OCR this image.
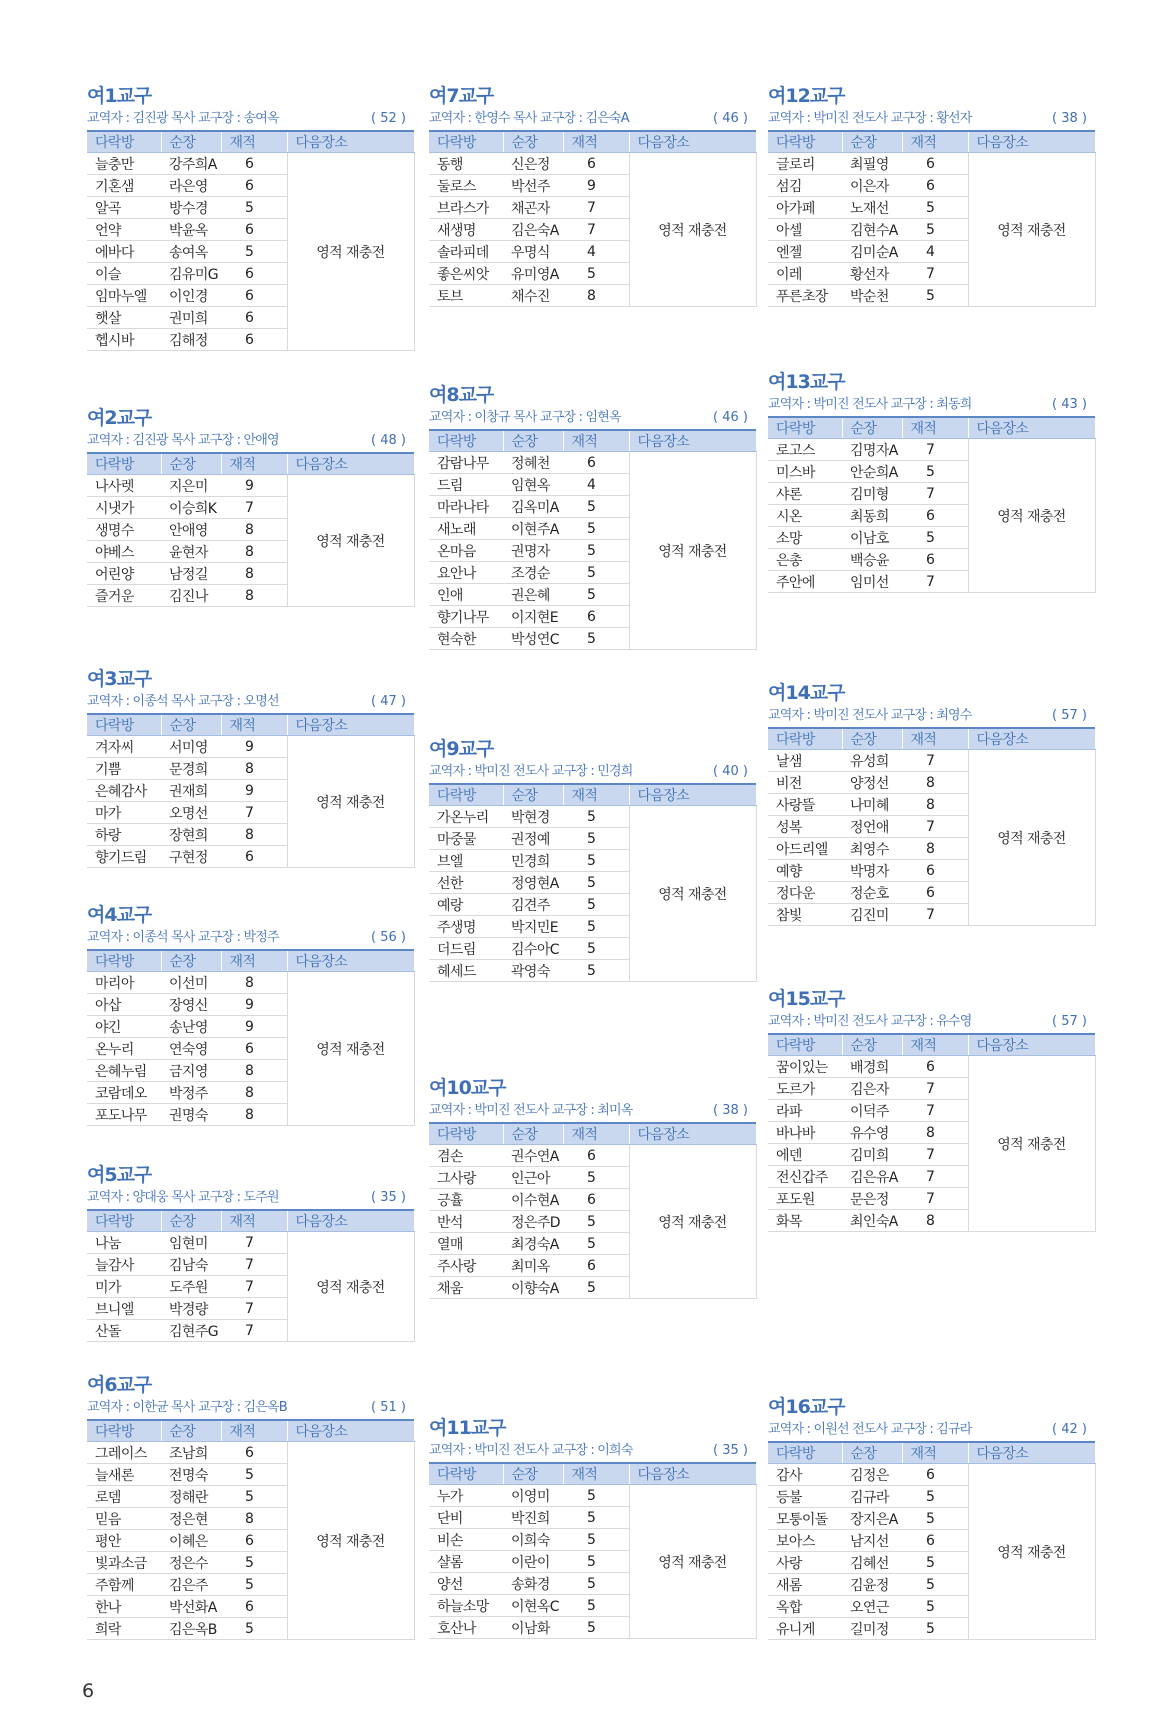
여1교구
교역자 : 김진광 목사 교구장 : 송여옥	( 52 )
다락방	순장	재적	다음장소
늘충만	강주희A	6	영적 재충전
기혼샘	라은영	6	
알곡	방수경	5	
언약	박윤옥	6	
에바다	송여옥	5	
이슬	김유미G	6	
임마누엘	이인경	6	
햇살	권미희	6	
헵시바	김해정	6	
여2교구
교역자 : 김진광 목사 교구장 : 안애영	( 48 )
다락방	순장	재적	다음장소
나사렛	지은미	9	영적 재충전
시냇가	이승희K	7	
생명수	안애영	8	
야베스	윤현자	8	
어린양	남정길	8	
즐거운	김진나	8	
여3교구
교역자 : 이종석 목사 교구장 : 오명선	( 47 )
다락방	순장	재적	다음장소
겨자씨	서미영	9	영적 재충전
기쁨	문경희	8	
은혜감사	권재희	9	
마가	오명선	7	
하랑	장현희	8	
향기드림	구현정	6	
여4교구
교역자 : 이종석 목사 교구장 : 박정주	( 56 )
다락방	순장	재적	다음장소
마리아	이선미	8	영적 재충전
아삽	장영신	9	
야긴	송난영	9	
온누리	연숙영	6	
은혜누림	금지영	8	
코람데오	박정주	8	
포도나무	권명숙	8	
여5교구
교역자 : 양대웅 목사 교구장 : 도주원	( 35 )
다락방	순장	재적	다음장소
나눔	임현미	7	영적 재충전
늘감사	김남숙	7	
미가	도주원	7	
브니엘	박경량	7	
산돌	김현주G	7	
여6교구
교역자 : 이한균 목사 교구장 : 김은옥B	( 51 )
다락방	순장	재적	다음장소
그레이스	조남희	6	영적 재충전
늘새론	전명숙	5	
로뎀	정해란	5	
믿음	정은현	8	
평안	이혜은	6	
빛과소금	정은수	5	
주함께	김은주	5	
한나	박선화A	6	
희락	김은옥B	5	
여7교구
교역자 : 한영수 목사 교구장 : 김은숙A	( 46 )
다락방	순장	재적	다음장소
동행	신은정	6	영적 재충전
둘로스	박선주	9	
브라스가	채곤자	7	
새생명	김은숙A	7	
솔라피데	우명식	4	
좋은씨앗	유미영A	5	
토브	채수진	8	
여8교구
교역자 : 이창규 목사 교구장 : 임현옥	( 46 )
다락방	순장	재적	다음장소
감람나무	정혜천	6	영적 재충전
드림	임현옥	4	
마라나타	김옥미A	5	
새노래	이현주A	5	
온마음	권명자	5	
요안나	조경순	5	
인애	권은혜	5	
향기나무	이지현E	6	
현숙한	박성연C	5	
여9교구
교역자 : 박미진 전도사 교구장 : 민경희	( 40 )
다락방	순장	재적	다음장소
가온누리	박현경	5	영적 재충전
마중물	권정예	5	
브엘	민경희	5	
선한	정영현A	5	
예랑	김견주	5	
주생명	박지민E	5	
더드림	김수아C	5	
헤세드	곽영숙	5	
여10교구
교역자 : 박미진 전도사 교구장 : 최미옥	( 38 )
다락방	순장	재적	다음장소
겸손	권수연A	6	영적 재충전
그사랑	인근아	5	
긍휼	이수현A	6	
반석	정은주D	5	
열매	최경숙A	5	
주사랑	최미옥	6	
채움	이향숙A	5	
여11교구
교역자 : 박미진 전도사 교구장 : 이희숙	( 35 )
다락방	순장	재적	다음장소
누가	이영미	5	영적 재충전
단비	박진희	5	
비손	이희숙	5	
샬롬	이란이	5	
양선	송화경	5	
하늘소망	이현옥C	5	
호산나	이남화	5	
여12교구
교역자 : 박미진 전도사 교구장 : 황선자	( 38 )
다락방	순장	재적	다음장소
글로리	최필영	6	영적 재충전
섬김	이은자	6	
아가페	노재선	5	
아셀	김현수A	5	
엔젤	김미순A	4	
이레	황선자	7	
푸른초장	박순천	5	
여13교구
교역자 : 박미진 전도사 교구장 : 최동희	( 43 )
다락방	순장	재적	다음장소
로고스	김명자A	7	영적 재충전
미스바	안순희A	5	
샤론	김미형	7	
시온	최동희	6	
소망	이남호	5	
은총	백승윤	6	
주안에	임미선	7	
여14교구
교역자 : 박미진 전도사 교구장 : 최영수	( 57 )
다락방	순장	재적	다음장소
날샘	유성희	7	영적 재충전
비전	양정선	8	
사랑뜰	나미혜	8	
성복	정언애	7	
아드리엘	최영수	8	
예향	박명자	6	
정다운	정순호	6	
참빛	김진미	7	
여15교구
교역자 : 박미진 전도사 교구장 : 유수영	( 57 )
다락방	순장	재적	다음장소
꿈이있는	배경희	6	영적 재충전
도르가	김은자	7	
라파	이덕주	7	
바나바	유수영	8	
에덴	김미희	7	
전신갑주	김은유A	7	
포도원	문은정	7	
화목	최인숙A	8	
여16교구
교역자 : 이원선 전도사 교구장 : 김규라	( 42 )
다락방	순장	재적	다음장소
감사	김정은	6	영적 재충전
등불	김규라	5	
모퉁이돌	장지은A	5	
보아스	남지선	6	
사랑	김혜선	5	
새롬	김윤정	5	
옥합	오연근	5	
유니게	길미정	5	
6
